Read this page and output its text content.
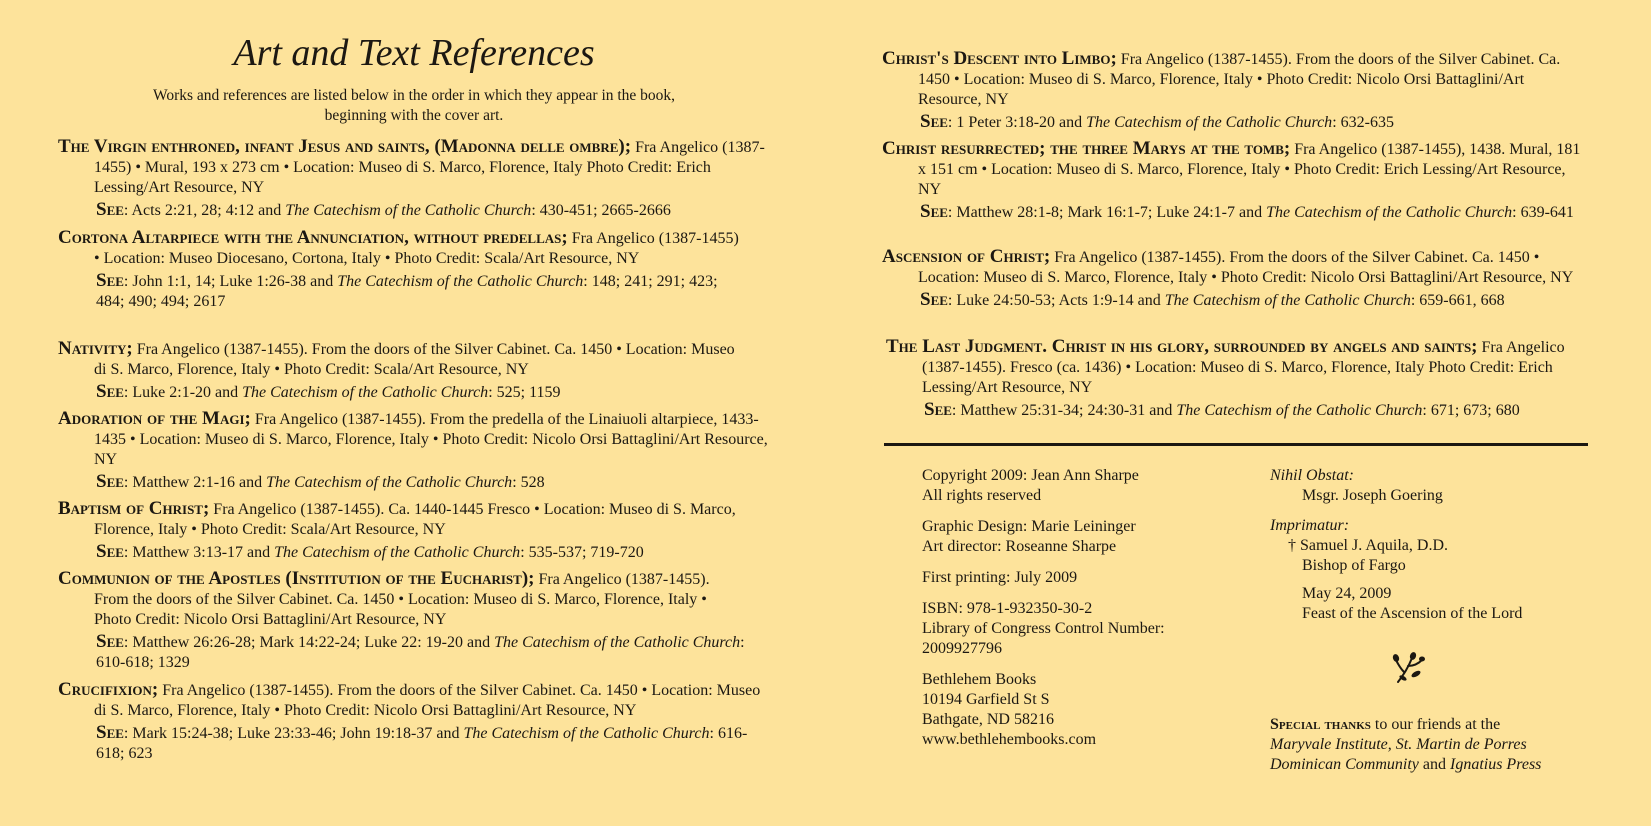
Art and Text References
Works and references are listed below in the order in which they appear in the book,
beginning with the cover art.

The Virgin enthroned, infant Jesus and saints, (Madonna delle ombre); Fra Angelico (1387-1455) • Mural, 193 x 273 cm • Location: Museo di S. Marco, Florence, Italy Photo Credit: Erich Lessing/Art Resource, NY

See: Acts 2:21, 28; 4:12 and The Catechism of the Catholic Church: 430-451; 2665-2666

Cortona Altarpiece with the Annunciation, without predellas; Fra Angelico (1387-1455) • Location: Museo Diocesano, Cortona, Italy • Photo Credit: Scala/Art Resource, NY

See: John 1:1, 14; Luke 1:26-38 and The Catechism of the Catholic Church: 148; 241; 291; 423; 484; 490; 494; 2617

Nativity; Fra Angelico (1387-1455). From the doors of the Silver Cabinet. Ca. 1450 • Location: Museo di S. Marco, Florence, Italy • Photo Credit: Scala/Art Resource, NY

See: Luke 2:1-20 and The Catechism of the Catholic Church: 525; 1159

Adoration of the Magi; Fra Angelico (1387-1455). From the predella of the Linaiuoli altarpiece, 1433-1435 • Location: Museo di S. Marco, Florence, Italy • Photo Credit: Nicolo Orsi Battaglini/Art Resource, NY

See: Matthew 2:1-16 and The Catechism of the Catholic Church: 528

Baptism of Christ; Fra Angelico (1387-1455). Ca. 1440-1445 Fresco • Location: Museo di S. Marco, Florence, Italy • Photo Credit: Scala/Art Resource, NY

See: Matthew 3:13-17 and The Catechism of the Catholic Church: 535-537; 719-720

Communion of the Apostles (Institution of the Eucharist); Fra Angelico (1387-1455). From the doors of the Silver Cabinet. Ca. 1450 • Location: Museo di S. Marco, Florence, Italy • Photo Credit: Nicolo Orsi Battaglini/Art Resource, NY

See: Matthew 26:26-28; Mark 14:22-24; Luke 22: 19-20 and The Catechism of the Catholic Church: 610-618; 1329

Crucifixion; Fra Angelico (1387-1455). From the doors of the Silver Cabinet. Ca. 1450 • Location: Museo di S. Marco, Florence, Italy • Photo Credit: Nicolo Orsi Battaglini/Art Resource, NY

See: Mark 15:24-38; Luke 23:33-46; John 19:18-37 and The Catechism of the Catholic Church: 616-618; 623

Christ's Descent into Limbo; Fra Angelico (1387-1455). From the doors of the Silver Cabinet. Ca. 1450 • Location: Museo di S. Marco, Florence, Italy • Photo Credit: Nicolo Orsi Battaglini/Art Resource, NY

See: 1 Peter 3:18-20 and The Catechism of the Catholic Church: 632-635

Christ resurrected; the three Marys at the tomb; Fra Angelico (1387-1455), 1438. Mural, 181 x 151 cm • Location: Museo di S. Marco, Florence, Italy • Photo Credit: Erich Lessing/Art Resource, NY

See: Matthew 28:1-8; Mark 16:1-7; Luke 24:1-7 and The Catechism of the Catholic Church: 639-641

Ascension of Christ; Fra Angelico (1387-1455). From the doors of the Silver Cabinet. Ca. 1450 • Location: Museo di S. Marco, Florence, Italy • Photo Credit: Nicolo Orsi Battaglini/Art Resource, NY

See: Luke 24:50-53; Acts 1:9-14 and The Catechism of the Catholic Church: 659-661, 668

The Last Judgment. Christ in his glory, surrounded by angels and saints; Fra Angelico (1387-1455). Fresco (ca. 1436) • Location: Museo di S. Marco, Florence, Italy Photo Credit: Erich Lessing/Art Resource, NY

See: Matthew 25:31-34; 24:30-31 and The Catechism of the Catholic Church: 671; 673; 680

Copyright 2009: Jean Ann Sharpe

All rights reserved

Graphic Design: Marie Leininger

Art director: Roseanne Sharpe

First printing: July 2009

ISBN: 978-1-932350-30-2

Library of Congress Control Number:

2009927796

Bethlehem Books

10194 Garfield St S

Bathgate, ND 58216

www.bethlehembooks.com

Nihil Obstat:

Msgr. Joseph Goering

Imprimatur:

† Samuel J. Aquila, D.D.

Bishop of Fargo

May 24, 2009

Feast of the Ascension of the Lord

Special thanks to our friends at the

Maryvale Institute, St. Martin de Porres Dominican Community and Ignatius Press
